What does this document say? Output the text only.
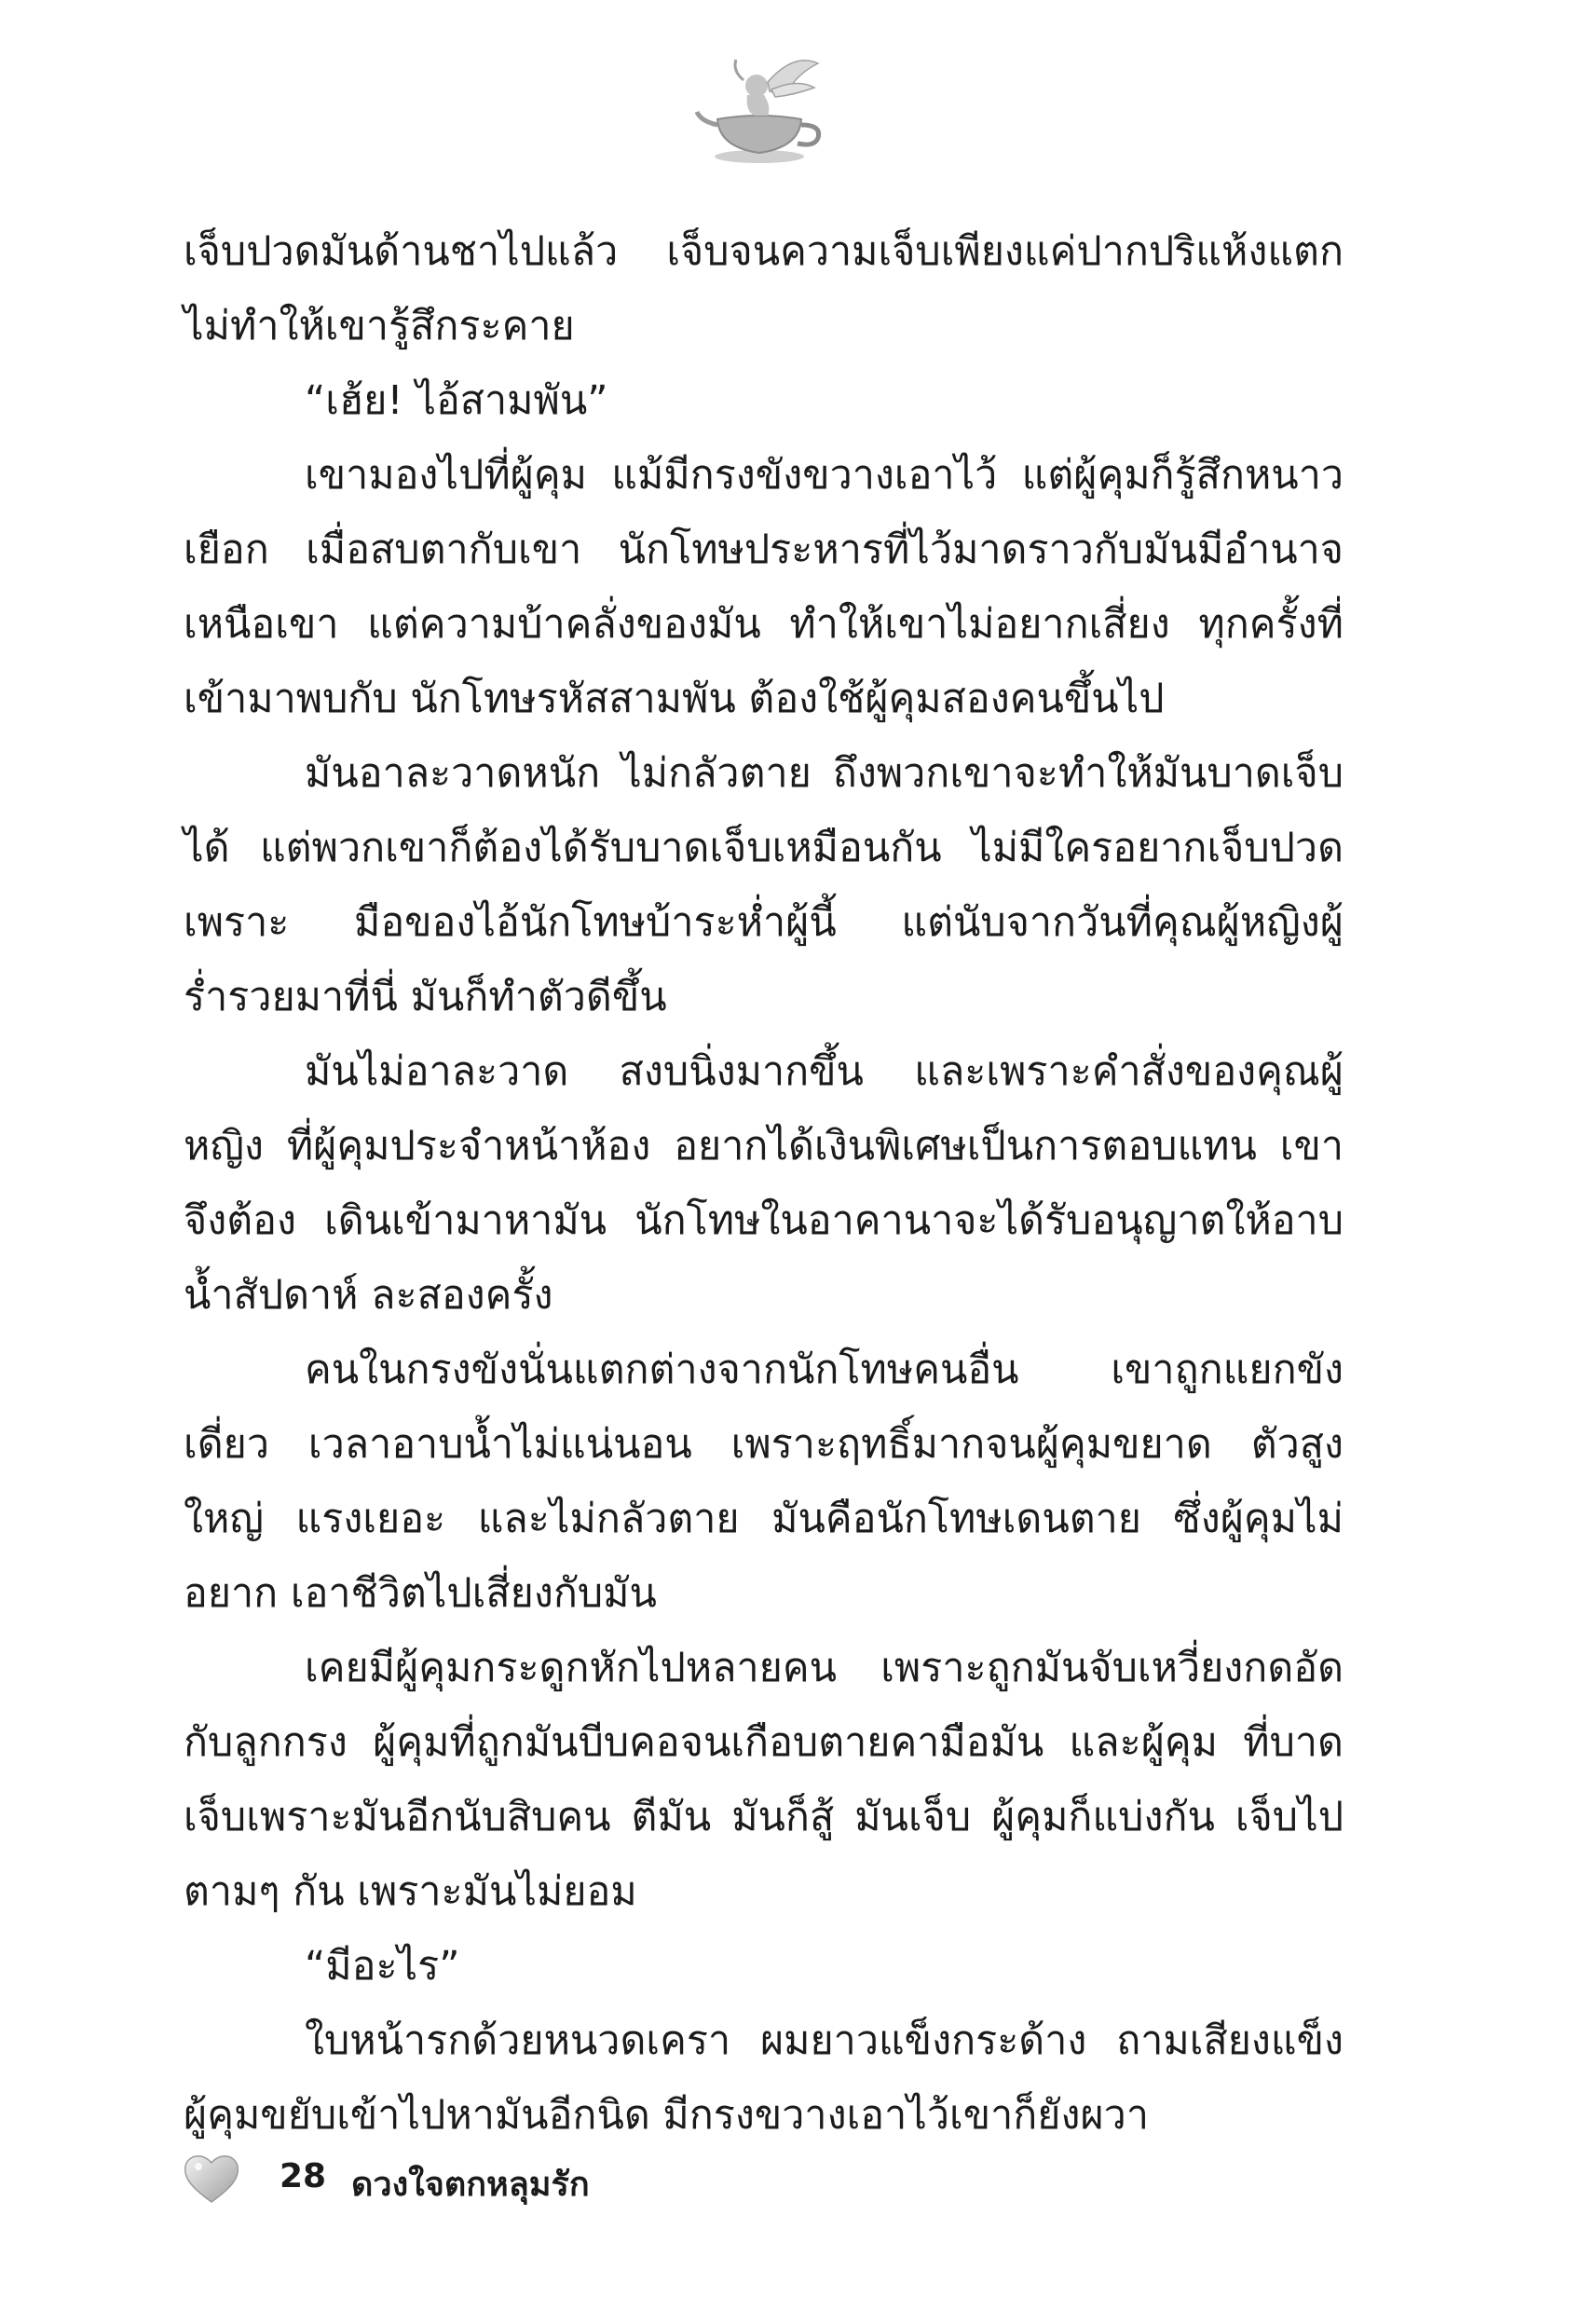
เจ็บปวดมันด้านชาไปแล้ว เจ็บจนความเจ็บเพียงแค่ปากปริแห้งแตก ไม่ทำให้เขารู้สึกระคาย

“เฮ้ย! ไอ้สามพัน”

เขามองไปที่ผู้คุม แม้มีกรงขังขวางเอาไว้ แต่ผู้คุมก็รู้สึกหนาวเยือก เมื่อสบตากับเขา นักโทษประหารที่ไว้มาดราวกับมันมีอำนาจเหนือเขา แต่ความบ้าคลั่งของมัน ทำให้เขาไม่อยากเสี่ยง ทุกครั้งที่เข้ามาพบกับ นักโทษรหัสสามพัน ต้องใช้ผู้คุมสองคนขึ้นไป

มันอาละวาดหนัก ไม่กลัวตาย ถึงพวกเขาจะทำให้มันบาดเจ็บได้ แต่พวกเขาก็ต้องได้รับบาดเจ็บเหมือนกัน ไม่มีใครอยากเจ็บปวดเพราะ มือของไอ้นักโทษบ้าระห่ำผู้นี้ แต่นับจากวันที่คุณผู้หญิงผู้ร่ำรวยมาที่นี่ มันก็ทำตัวดีขึ้น

มันไม่อาละวาด สงบนิ่งมากขึ้น และเพราะคำสั่งของคุณผู้หญิง ที่ผู้คุมประจำหน้าห้อง อยากได้เงินพิเศษเป็นการตอบแทน เขาจึงต้อง เดินเข้ามาหามัน นักโทษในอาคานาจะได้รับอนุญาตให้อาบน้ำสัปดาห์ ละสองครั้ง

คนในกรงขังนั่นแตกต่างจากนักโทษคนอื่น เขาถูกแยกขังเดี่ยว เวลาอาบน้ำไม่แน่นอน เพราะฤทธิ์มากจนผู้คุมขยาด ตัวสูงใหญ่ แรงเยอะ และไม่กลัวตาย มันคือนักโทษเดนตาย ซึ่งผู้คุมไม่อยาก เอาชีวิตไปเสี่ยงกับมัน

เคยมีผู้คุมกระดูกหักไปหลายคน เพราะถูกมันจับเหวี่ยงกดอัด กับลูกกรง ผู้คุมที่ถูกมันบีบคอจนเกือบตายคามือมัน และผู้คุม ที่บาดเจ็บเพราะมันอีกนับสิบคน ตีมัน มันก็สู้ มันเจ็บ ผู้คุมก็แบ่งกัน เจ็บไปตามๆ กัน เพราะมันไม่ยอม

“มีอะไร”

ใบหน้ารกด้วยหนวดเครา ผมยาวแข็งกระด้าง ถามเสียงแข็ง ผู้คุมขยับเข้าไปหามันอีกนิด มีกรงขวางเอาไว้เขาก็ยังผวา

28 ดวงใจตกหลุมรัก
